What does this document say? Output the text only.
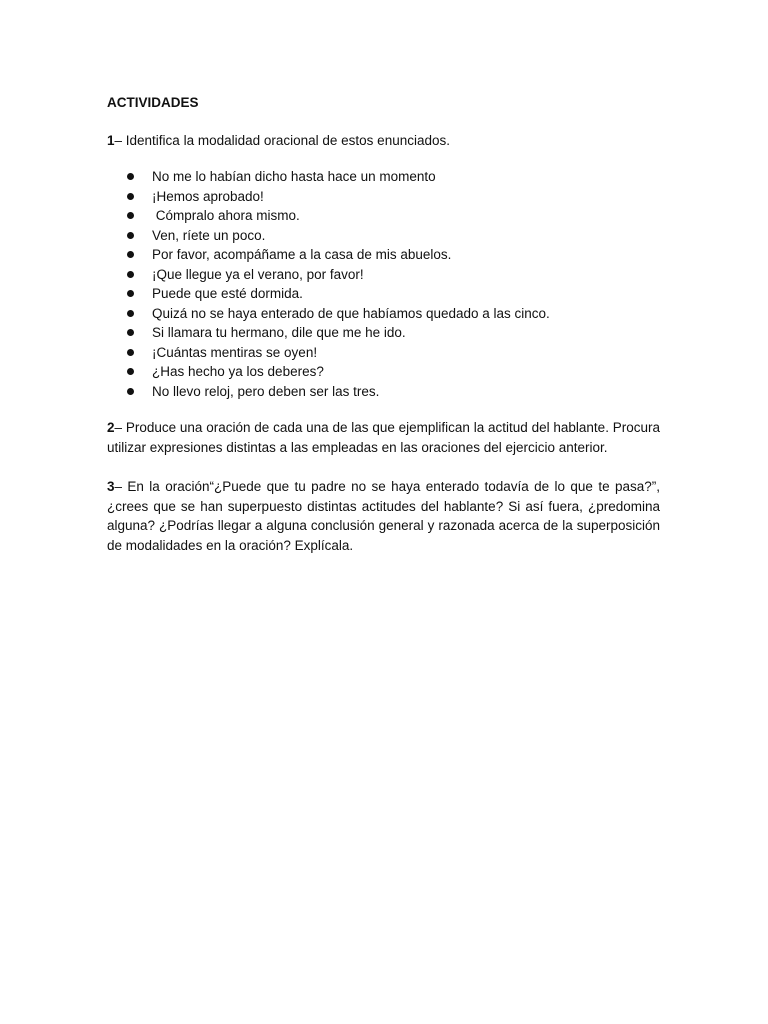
ACTIVIDADES

1– Identifica la modalidad oracional de estos enunciados.

No me lo habían dicho hasta hace un momento
¡Hemos aprobado!
Cómpralo ahora mismo.
Ven, ríete un poco.
Por favor, acompáñame a la casa de mis abuelos.
¡Que llegue ya el verano, por favor!
Puede que esté dormida.
Quizá no se haya enterado de que habíamos quedado a las cinco.
Si llamara tu hermano, dile que me he ido.
¡Cuántas mentiras se oyen!
¿Has hecho ya los deberes?
No llevo reloj, pero deben ser las tres.

2– Produce una oración de cada una de las que ejemplifican la actitud del hablante. Procura utilizar expresiones distintas a las empleadas en las oraciones del ejercicio anterior.

3– En la oración“¿Puede que tu padre no se haya enterado todavía de lo que te pasa?”, ¿crees que se han superpuesto distintas actitudes del hablante? Si así fuera, ¿predomina alguna? ¿Podrías llegar a alguna conclusión general y razonada acerca de la superposición de modalidades en la oración? Explícala.
